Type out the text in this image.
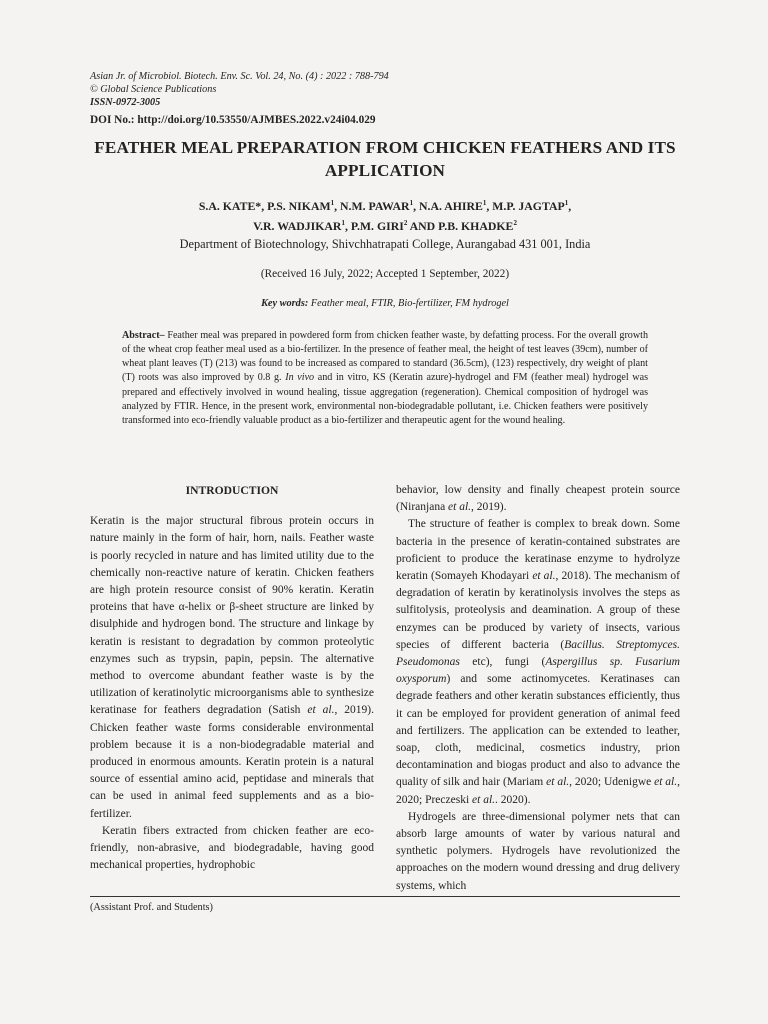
Asian Jr. of Microbiol. Biotech. Env. Sc. Vol. 24, No. (4) : 2022 : 788-794
© Global Science Publications
ISSN-0972-3005
DOI No.: http://doi.org/10.53550/AJMBES.2022.v24i04.029
FEATHER MEAL PREPARATION FROM CHICKEN FEATHERS AND ITS APPLICATION
S.A. KATE*, P.S. NIKAM$^1$, N.M. PAWAR$^1$, N.A. AHIRE$^1$, M.P. JAGTAP$^1$,
V.R. WADJIKAR$^1$, P.M. GIRI$^2$ AND P.B. KHADKE$^2$
Department of Biotechnology, Shivchhatrapati College, Aurangabad 431 001, India
(Received 16 July, 2022; Accepted 1 September, 2022)
Key words: Feather meal, FTIR, Bio-fertilizer, FM hydrogel
Abstract– Feather meal was prepared in powdered form from chicken feather waste, by defatting process. For the overall growth of the wheat crop feather meal used as a bio-fertilizer. In the presence of feather meal, the height of test leaves (39cm), number of wheat plant leaves (T) (213) was found to be increased as compared to standard (36.5cm), (123) respectively, dry weight of plant (T) roots was also improved by 0.8 g. In vivo and in vitro, KS (Keratin azure)-hydrogel and FM (feather meal) hydrogel was prepared and effectively involved in wound healing, tissue aggregation (regeneration). Chemical composition of hydrogel was analyzed by FTIR. Hence, in the present work, environmental non-biodegradable pollutant, i.e. Chicken feathers were positively transformed into eco-friendly valuable product as a bio-fertilizer and therapeutic agent for the wound healing.

INTRODUCTION

Keratin is the major structural fibrous protein occurs in nature mainly in the form of hair, horn, nails. Feather waste is poorly recycled in nature and has limited utility due to the chemically non-reactive nature of keratin. Chicken feathers are high protein resource consist of 90% keratin. Keratin proteins that have α-helix or β-sheet structure are linked by disulphide and hydrogen bond. The structure and linkage by keratin is resistant to degradation by common proteolytic enzymes such as trypsin, papin, pepsin. The alternative method to overcome abundant feather waste is by the utilization of keratinolytic microorganisms able to synthesize keratinase for feathers degradation (Satish et al., 2019). Chicken feather waste forms considerable environmental problem because it is a non-biodegradable material and produced in enormous amounts. Keratin protein is a natural source of essential amino acid, peptidase and minerals that can be used in animal feed supplements and as a bio-fertilizer.

Keratin fibers extracted from chicken feather are eco-friendly, non-abrasive, and biodegradable, having good mechanical properties, hydrophobic

behavior, low density and finally cheapest protein source (Niranjana et al., 2019).

The structure of feather is complex to break down. Some bacteria in the presence of keratin-contained substrates are proficient to produce the keratinase enzyme to hydrolyze keratin (Somayeh Khodayari et al., 2018). The mechanism of degradation of keratin by keratinolysis involves the steps as sulfitolysis, proteolysis and deamination. A group of these enzymes can be produced by variety of insects, various species of different bacteria (Bacillus. Streptomyces. Pseudomonas etc), fungi (Aspergillus sp. Fusarium oxysporum) and some actinomycetes. Keratinases can degrade feathers and other keratin substances efficiently, thus it can be employed for provident generation of animal feed and fertilizers. The application can be extended to leather, soap, cloth, medicinal, cosmetics industry, prion decontamination and biogas product and also to advance the quality of silk and hair (Mariam et al., 2020; Udenigwe et al., 2020; Preczeski et al.. 2020).

Hydrogels are three-dimensional polymer nets that can absorb large amounts of water by various natural and synthetic polymers. Hydrogels have revolutionized the approaches on the modern wound dressing and drug delivery systems, which

(Assistant Prof. and Students)
